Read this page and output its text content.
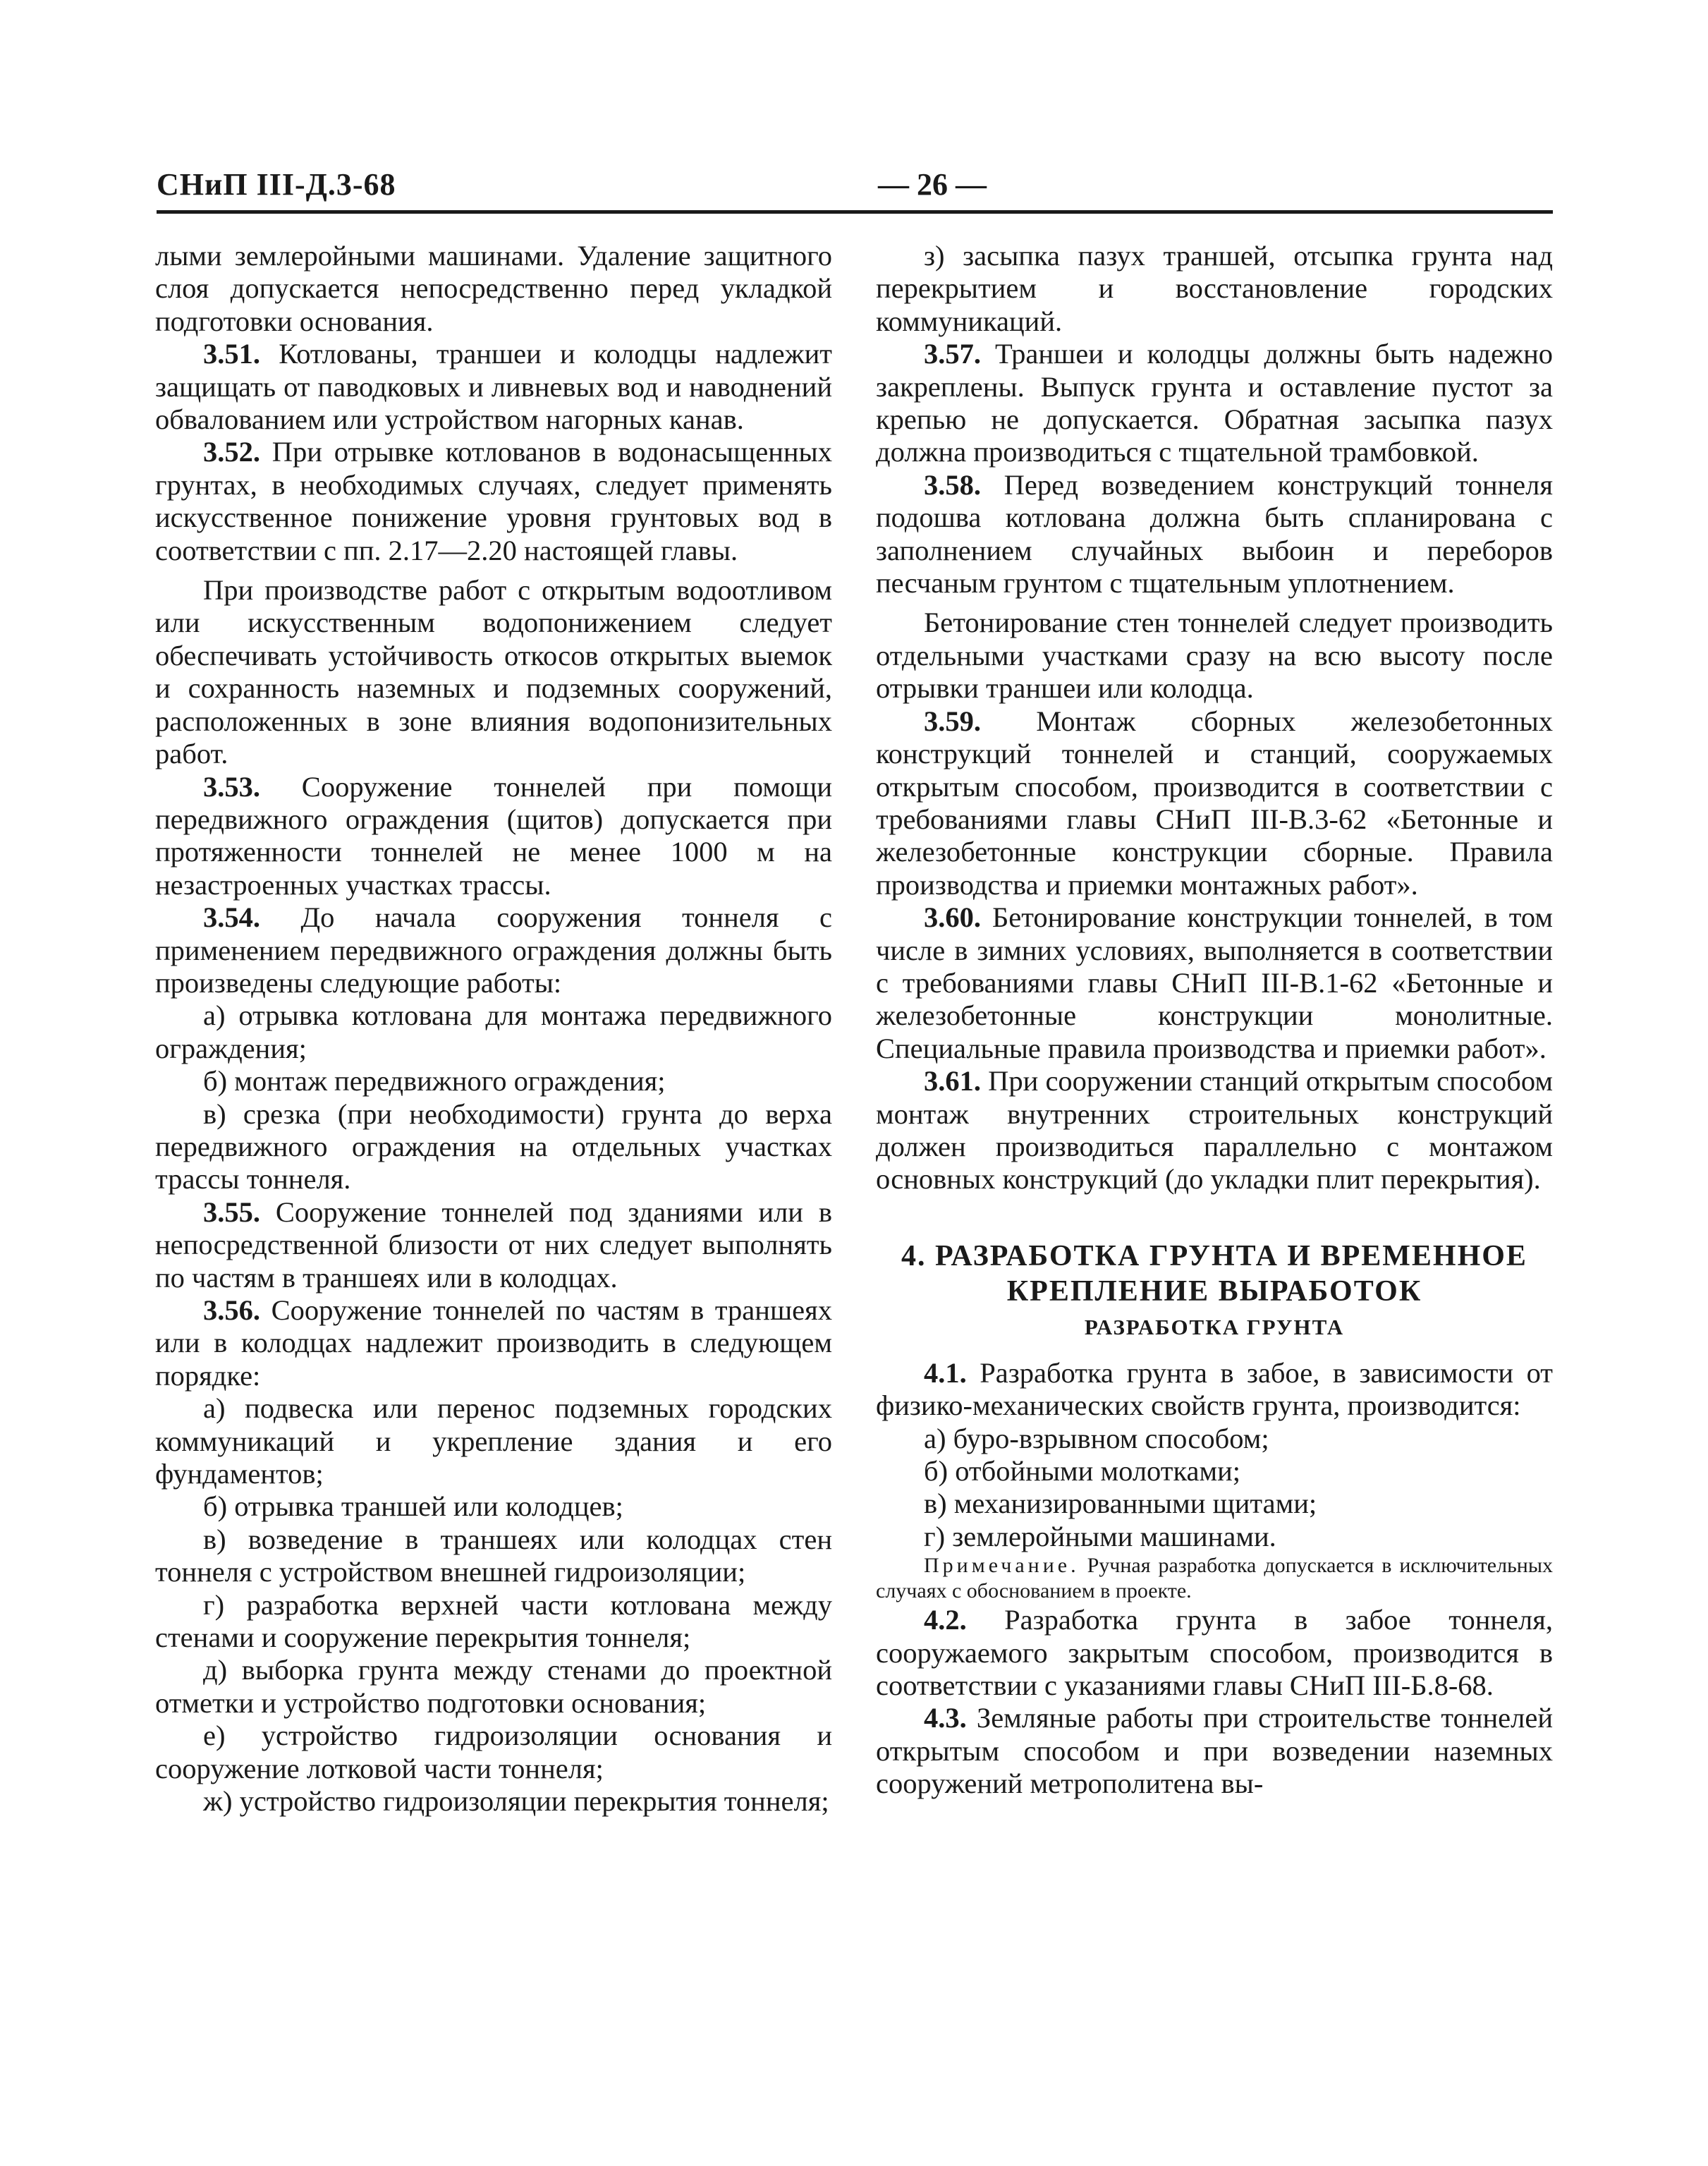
СНиП III-Д.3-68	— 26 —

лыми землеройными машинами. Удаление защитного слоя допускается непосредственно перед укладкой подготовки основания.

3.51. Котлованы, траншеи и колодцы надлежит защищать от паводковых и ливневых вод и наводнений обвалованием или устройством нагорных канав.

3.52. При отрывке котлованов в водонасыщенных грунтах, в необходимых случаях, следует применять искусственное понижение уровня грунтовых вод в соответствии с пп. 2.17—2.20 настоящей главы.

При производстве работ с открытым водоотливом или искусственным водопонижением следует обеспечивать устойчивость откосов открытых выемок и сохранность наземных и подземных сооружений, расположенных в зоне влияния водопонизительных работ.

3.53. Сооружение тоннелей при помощи передвижного ограждения (щитов) допускается при протяженности тоннелей не менее 1000 м на незастроенных участках трассы.

3.54. До начала сооружения тоннеля с применением передвижного ограждения должны быть произведены следующие работы:

а) отрывка котлована для монтажа передвижного ограждения;

б) монтаж передвижного ограждения;

в) срезка (при необходимости) грунта до верха передвижного ограждения на отдельных участках трассы тоннеля.

3.55. Сооружение тоннелей под зданиями или в непосредственной близости от них следует выполнять по частям в траншеях или в колодцах.

3.56. Сооружение тоннелей по частям в траншеях или в колодцах надлежит производить в следующем порядке:

а) подвеска или перенос подземных городских коммуникаций и укрепление здания и его фундаментов;

б) отрывка траншей или колодцев;

в) возведение в траншеях или колодцах стен тоннеля с устройством внешней гидроизоляции;

г) разработка верхней части котлована между стенами и сооружение перекрытия тоннеля;

д) выборка грунта между стенами до проектной отметки и устройство подготовки основания;

е) устройство гидроизоляции основания и сооружение лотковой части тоннеля;

ж) устройство гидроизоляции перекрытия тоннеля;

з) засыпка пазух траншей, отсыпка грунта над перекрытием и восстановление городских коммуникаций.

3.57. Траншеи и колодцы должны быть надежно закреплены. Выпуск грунта и оставление пустот за крепью не допускается. Обратная засыпка пазух должна производиться с тщательной трамбовкой.

3.58. Перед возведением конструкций тоннеля подошва котлована должна быть спланирована с заполнением случайных выбоин и переборов песчаным грунтом с тщательным уплотнением.

Бетонирование стен тоннелей следует производить отдельными участками сразу на всю высоту после отрывки траншеи или колодца.

3.59. Монтаж сборных железобетонных конструкций тоннелей и станций, сооружаемых открытым способом, производится в соответствии с требованиями главы СНиП III-В.3-62 «Бетонные и железобетонные конструкции сборные. Правила производства и приемки монтажных работ».

3.60. Бетонирование конструкции тоннелей, в том числе в зимних условиях, выполняется в соответствии с требованиями главы СНиП III-В.1-62 «Бетонные и железобетонные конструкции монолитные. Специальные правила производства и приемки работ».

3.61. При сооружении станций открытым способом монтаж внутренних строительных конструкций должен производиться параллельно с монтажом основных конструкций (до укладки плит перекрытия).

4. РАЗРАБОТКА ГРУНТА И ВРЕМЕННОЕ КРЕПЛЕНИЕ ВЫРАБОТОК
РАЗРАБОТКА ГРУНТА

4.1. Разработка грунта в забое, в зависимости от физико-механических свойств грунта, производится:

а) буро-взрывном способом;

б) отбойными молотками;

в) механизированными щитами;

г) землеройными машинами.

Примечание. Ручная разработка допускается в исключительных случаях с обоснованием в проекте.

4.2. Разработка грунта в забое тоннеля, сооружаемого закрытым способом, производится в соответствии с указаниями главы СНиП III-Б.8-68.

4.3. Земляные работы при строительстве тоннелей открытым способом и при возведении наземных сооружений метрополитена вы-
